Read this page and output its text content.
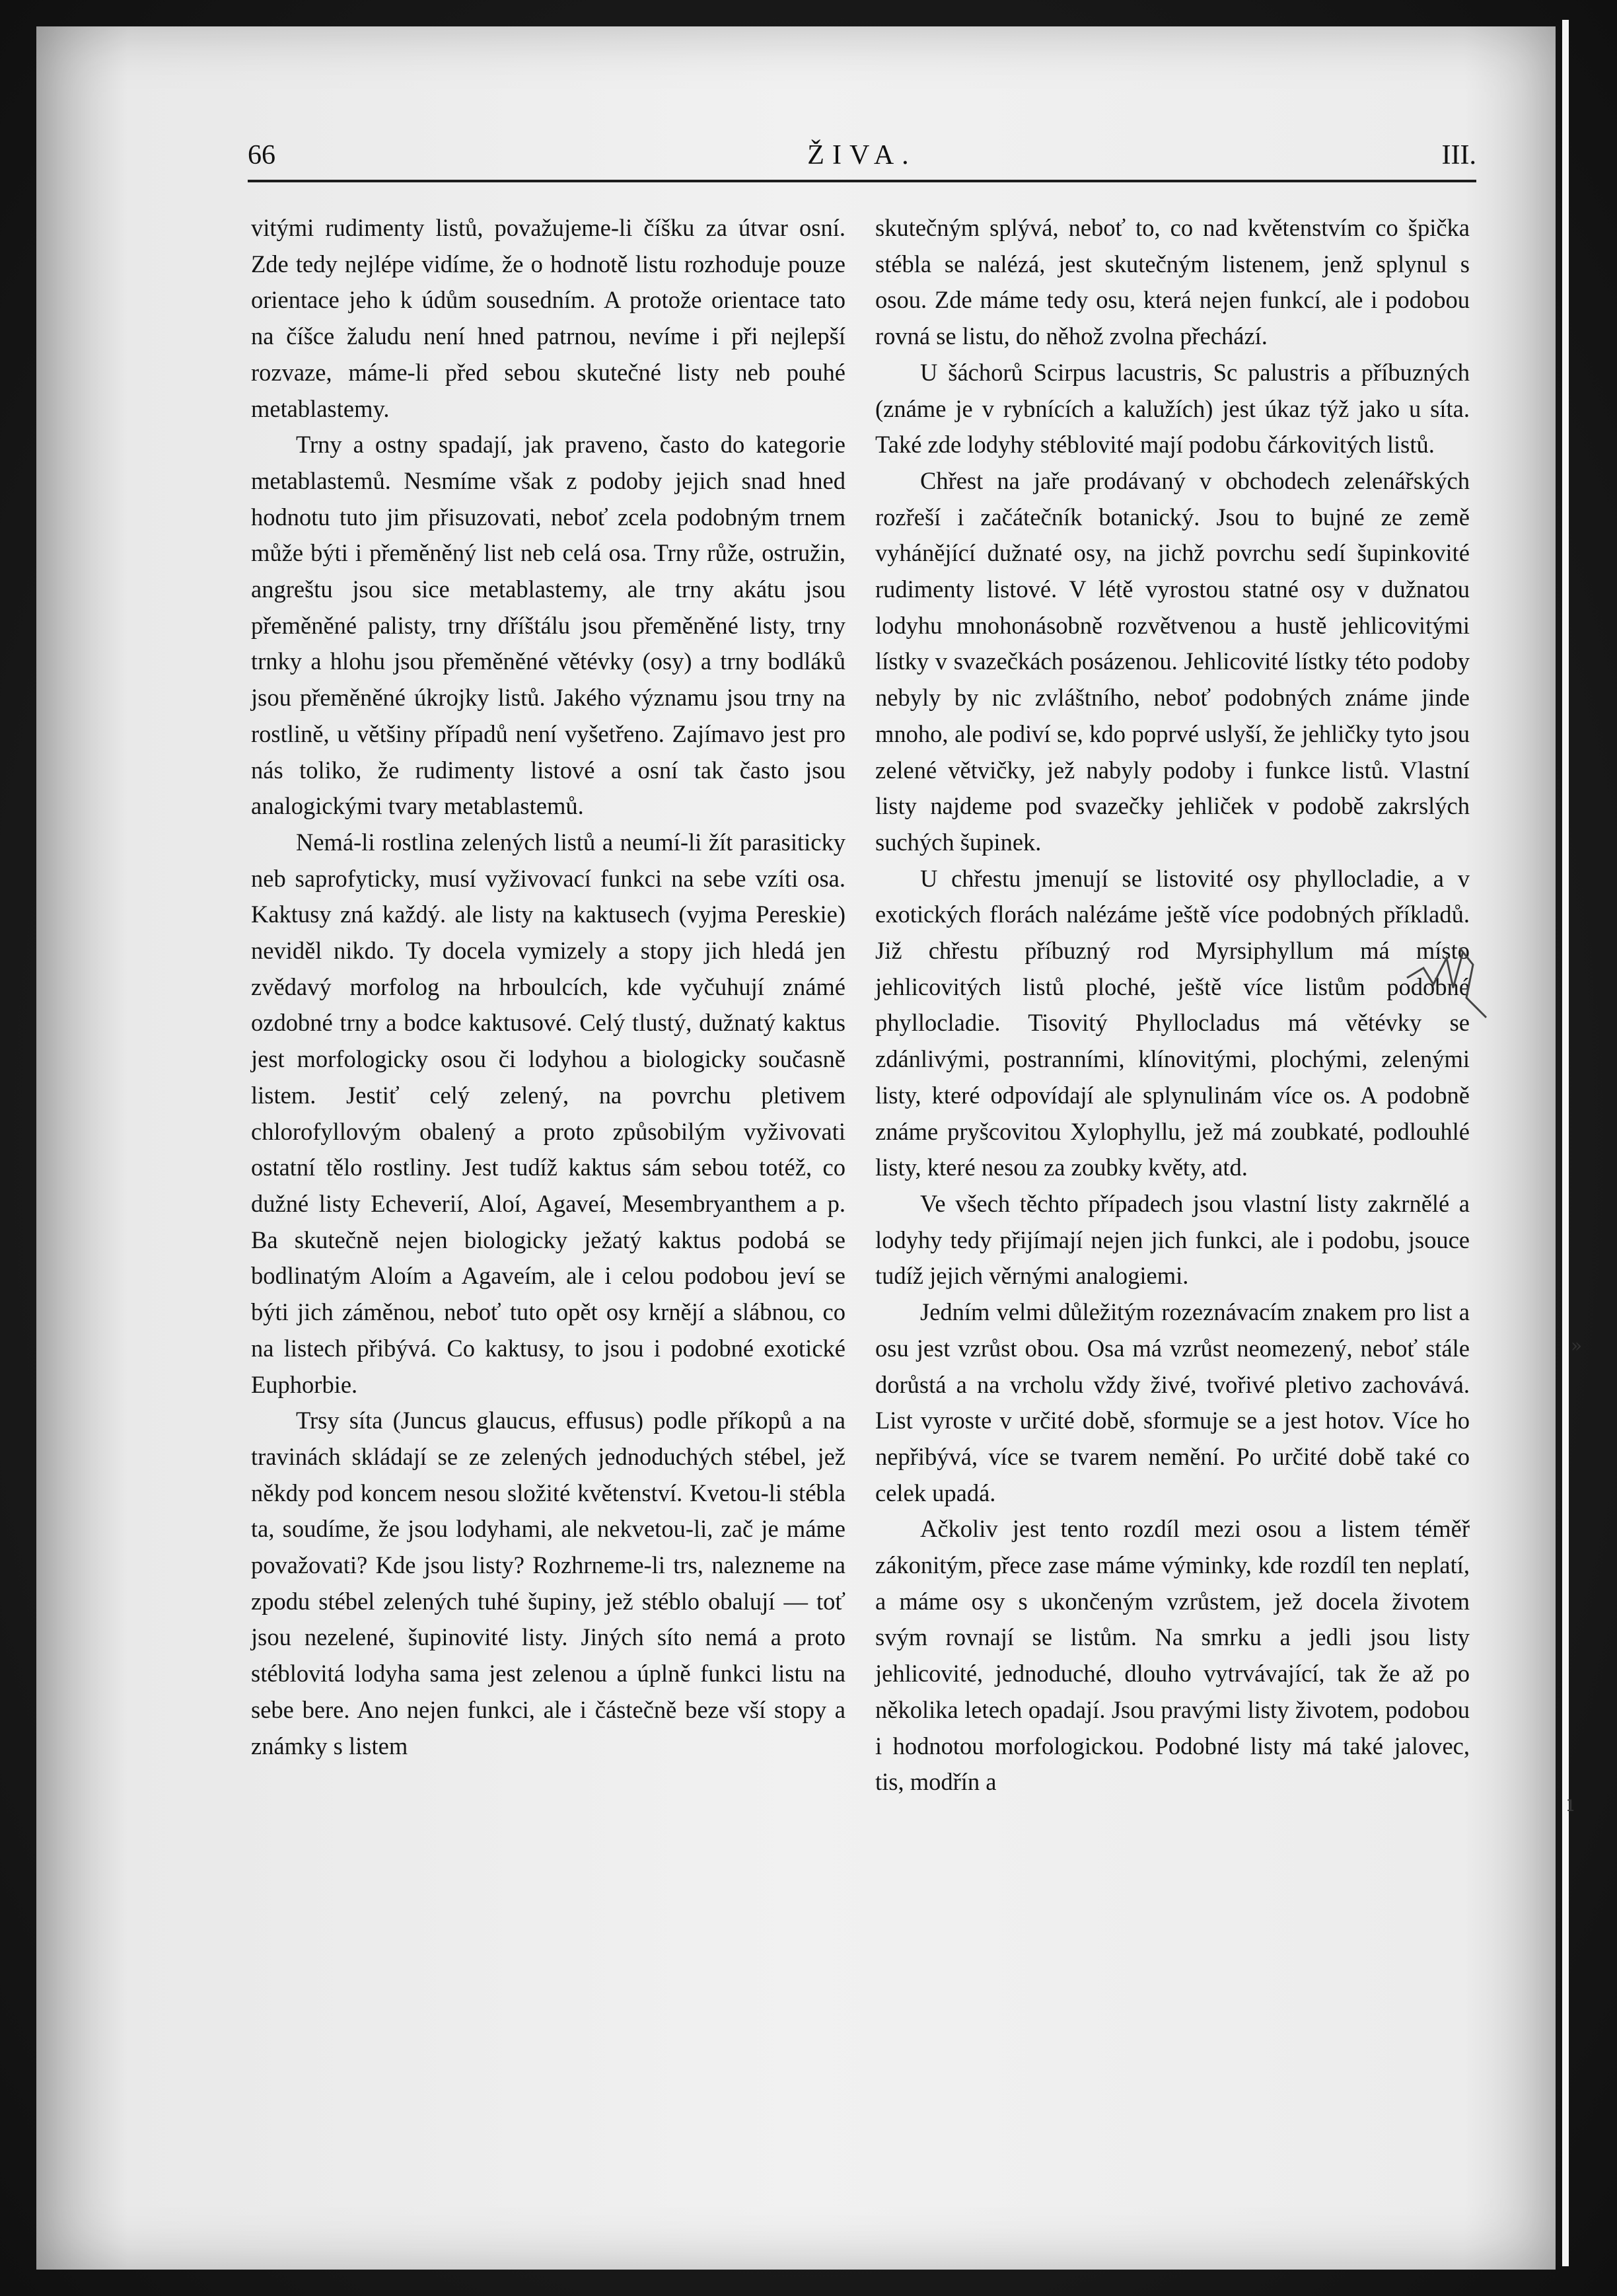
66	ŽIVA.	III.

vitými rudimenty listů, považujeme-li číšku za útvar osní. Zde tedy nejlépe vidíme, že o hodnotě listu rozhoduje pouze orientace jeho k údům sousedním. A protože orientace tato na číšce žaludu není hned patrnou, nevíme i při nejlepší rozvaze, máme-li před sebou skutečné listy neb pouhé metablastemy.

Trny a ostny spadají, jak praveno, často do kategorie metablastemů. Nesmíme však z podoby jejich snad hned hodnotu tuto jim přisuzovati, neboť zcela podobným trnem může býti i přeměněný list neb celá osa. Trny růže, ostružin, angreštu jsou sice metablastemy, ale trny akátu jsou přeměněné palisty, trny dříštálu jsou přeměněné listy, trny trnky a hlohu jsou přeměněné větévky (osy) a trny bodláků jsou přeměněné úkrojky listů. Jakého významu jsou trny na rostlině, u většiny případů není vyšetřeno. Zajímavo jest pro nás toliko, že rudimenty listové a osní tak často jsou analogickými tvary metablastemů.

Nemá-li rostlina zelených listů a neumí-li žít parasiticky neb saprofyticky, musí vyživovací funkci na sebe vzíti osa. Kaktusy zná každý. ale listy na kaktusech (vyjma Pereskie) neviděl nikdo. Ty docela vymizely a stopy jich hledá jen zvědavý morfolog na hrboulcích, kde vyčuhují známé ozdobné trny a bodce kaktusové. Celý tlustý, dužnatý kaktus jest morfologicky osou či lodyhou a biologicky současně listem. Jestiť celý zelený, na povrchu pletivem chlorofyllovým obalený a proto způsobilým vyživovati ostatní tělo rostliny. Jest tudíž kaktus sám sebou totéž, co dužné listy Echeverií, Aloí, Agaveí, Mesembryanthem a p. Ba skutečně nejen biologicky ježatý kaktus podobá se bodlinatým Aloím a Agaveím, ale i celou podobou jeví se býti jich záměnou, neboť tuto opět osy krnějí a slábnou, co na listech přibývá. Co kaktusy, to jsou i podobné exotické Euphorbie.

Trsy síta (Juncus glaucus, effusus) podle příkopů a na travinách skládají se ze zelených jednoduchých stébel, jež někdy pod koncem nesou složité květenství. Kvetou-li stébla ta, soudíme, že jsou lodyhami, ale nekvetou-li, zač je máme považovati? Kde jsou listy? Rozhrneme-li trs, nalezneme na zpodu stébel zelených tuhé šupiny, jež stéblo obalují — toť jsou nezelené, šupinovité listy. Jiných síto nemá a proto stéblovitá lodyha sama jest zelenou a úplně funkci listu na sebe bere. Ano nejen funkci, ale i částečně beze vší stopy a známky s listem

skutečným splývá, neboť to, co nad květenstvím co špička stébla se nalézá, jest skutečným listenem, jenž splynul s osou. Zde máme tedy osu, která nejen funkcí, ale i podobou rovná se listu, do něhož zvolna přechází.

U šáchorů Scirpus lacustris, Sc palustris a příbuzných (známe je v rybnících a kalužích) jest úkaz týž jako u síta. Také zde lodyhy stéblovité mají podobu čárkovitých listů.

Chřest na jaře prodávaný v obchodech zelenářských rozřeší i začátečník botanický. Jsou to bujné ze země vyhánějící dužnaté osy, na jichž povrchu sedí šupinkovité rudimenty listové. V létě vyrostou statné osy v dužnatou lodyhu mnohonásobně rozvětvenou a hustě jehlicovitými lístky v svazečkách posázenou. Jehlicovité lístky této podoby nebyly by nic zvláštního, neboť podobných známe jinde mnoho, ale podiví se, kdo poprvé uslyší, že jehličky tyto jsou zelené větvičky, jež nabyly podoby i funkce listů. Vlastní listy najdeme pod svazečky jehliček v podobě zakrslých suchých šupinek.

U chřestu jmenují se listovité osy phyllocladie, a v exotických florách nalézáme ještě více podobných příkladů. Již chřestu příbuzný rod Myrsiphyllum má místo jehlicovitých listů ploché, ještě více listům podobné phyllocladie. Tisovitý Phyllocladus má větévky se zdánlivými, postranními, klínovitými, plochými, zelenými listy, které odpovídají ale splynulinám více os. A podobně známe pryšcovitou Xylophyllu, jež má zoubkaté, podlouhlé listy, které nesou za zoubky květy, atd.

Ve všech těchto případech jsou vlastní listy zakrnělé a lodyhy tedy přijímají nejen jich funkci, ale i podobu, jsouce tudíž jejich věrnými analogiemi.

Jedním velmi důležitým rozeznávacím znakem pro list a osu jest vzrůst obou. Osa má vzrůst neomezený, neboť stále dorůstá a na vrcholu vždy živé, tvořivé pletivo zachovává. List vyroste v určité době, sformuje se a jest hotov. Více ho nepřibývá, více se tvarem nemění. Po určité době také co celek upadá.

Ačkoliv jest tento rozdíl mezi osou a listem téměř zákonitým, přece zase máme výminky, kde rozdíl ten neplatí, a máme osy s ukončeným vzrůstem, jež docela životem svým rovnají se listům. Na smrku a jedli jsou listy jehlicovité, jednoduché, dlouho vytrvávající, tak že až po několika letech opadají. Jsou pravými listy životem, podobou i hodnotou morfologickou. Podobné listy má také jalovec, tis, modřín a

»
ı
